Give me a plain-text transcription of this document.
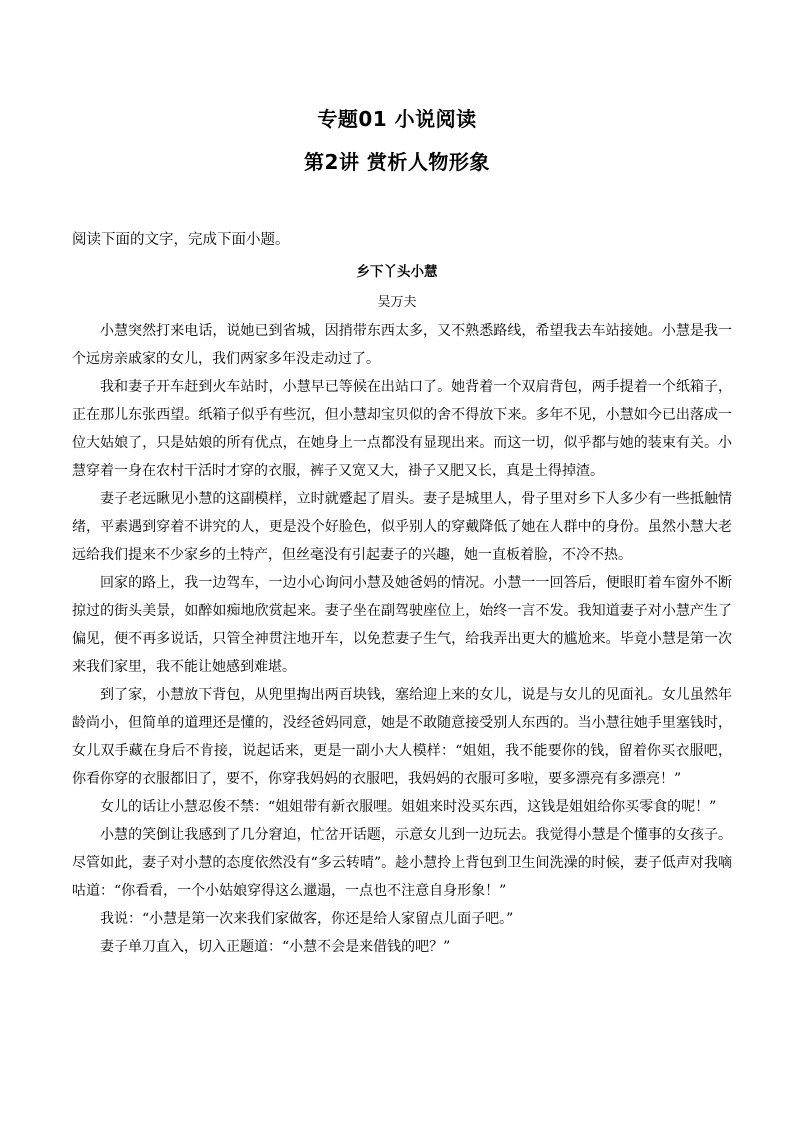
专题01 小说阅读
第2讲 赏析人物形象

阅读下面的文字，完成下面小题。

乡下丫头小慧

吴万夫

小慧突然打来电话，说她已到省城，因捎带东西太多，又不熟悉路线，希望我去车站接她。小慧是我一个远房亲戚家的女儿，我们两家多年没走动过了。

我和妻子开车赶到火车站时，小慧早已等候在出站口了。她背着一个双肩背包，两手提着一个纸箱子，正在那儿东张西望。纸箱子似乎有些沉，但小慧却宝贝似的舍不得放下来。多年不见，小慧如今已出落成一位大姑娘了，只是姑娘的所有优点，在她身上一点都没有显现出来。而这一切，似乎都与她的装束有关。小慧穿着一身在农村干活时才穿的衣服，裤子又宽又大，褂子又肥又长，真是土得掉渣。

妻子老远瞅见小慧的这副模样，立时就蹙起了眉头。妻子是城里人，骨子里对乡下人多少有一些抵触情绪，平素遇到穿着不讲究的人，更是没个好脸色，似乎别人的穿戴降低了她在人群中的身份。虽然小慧大老远给我们提来不少家乡的土特产，但丝毫没有引起妻子的兴趣，她一直板着脸，不冷不热。

回家的路上，我一边驾车，一边小心询问小慧及她爸妈的情况。小慧一一回答后，便眼盯着车窗外不断掠过的街头美景，如醉如痴地欣赏起来。妻子坐在副驾驶座位上，始终一言不发。我知道妻子对小慧产生了偏见，便不再多说话，只管全神贯注地开车，以免惹妻子生气，给我弄出更大的尴尬来。毕竟小慧是第一次来我们家里，我不能让她感到难堪。

到了家，小慧放下背包，从兜里掏出两百块钱，塞给迎上来的女儿，说是与女儿的见面礼。女儿虽然年龄尚小，但简单的道理还是懂的，没经爸妈同意，她是不敢随意接受别人东西的。当小慧往她手里塞钱时，女儿双手藏在身后不肯接，说起话来，更是一副小大人模样：“姐姐，我不能要你的钱，留着你买衣服吧，你看你穿的衣服都旧了，要不，你穿我妈妈的衣服吧，我妈妈的衣服可多啦，要多漂亮有多漂亮！”

女儿的话让小慧忍俊不禁：“姐姐带有新衣服哩。姐姐来时没买东西，这钱是姐姐给你买零食的呢！”

小慧的笑倒让我感到了几分窘迫，忙岔开话题，示意女儿到一边玩去。我觉得小慧是个懂事的女孩子。尽管如此，妻子对小慧的态度依然没有“多云转晴”。趁小慧拎上背包到卫生间洗澡的时候，妻子低声对我嘀咕道：“你看看，一个小姑娘穿得这么邋遢，一点也不注意自身形象！”

我说：“小慧是第一次来我们家做客，你还是给人家留点儿面子吧。”

妻子单刀直入，切入正题道：“小慧不会是来借钱的吧？”
